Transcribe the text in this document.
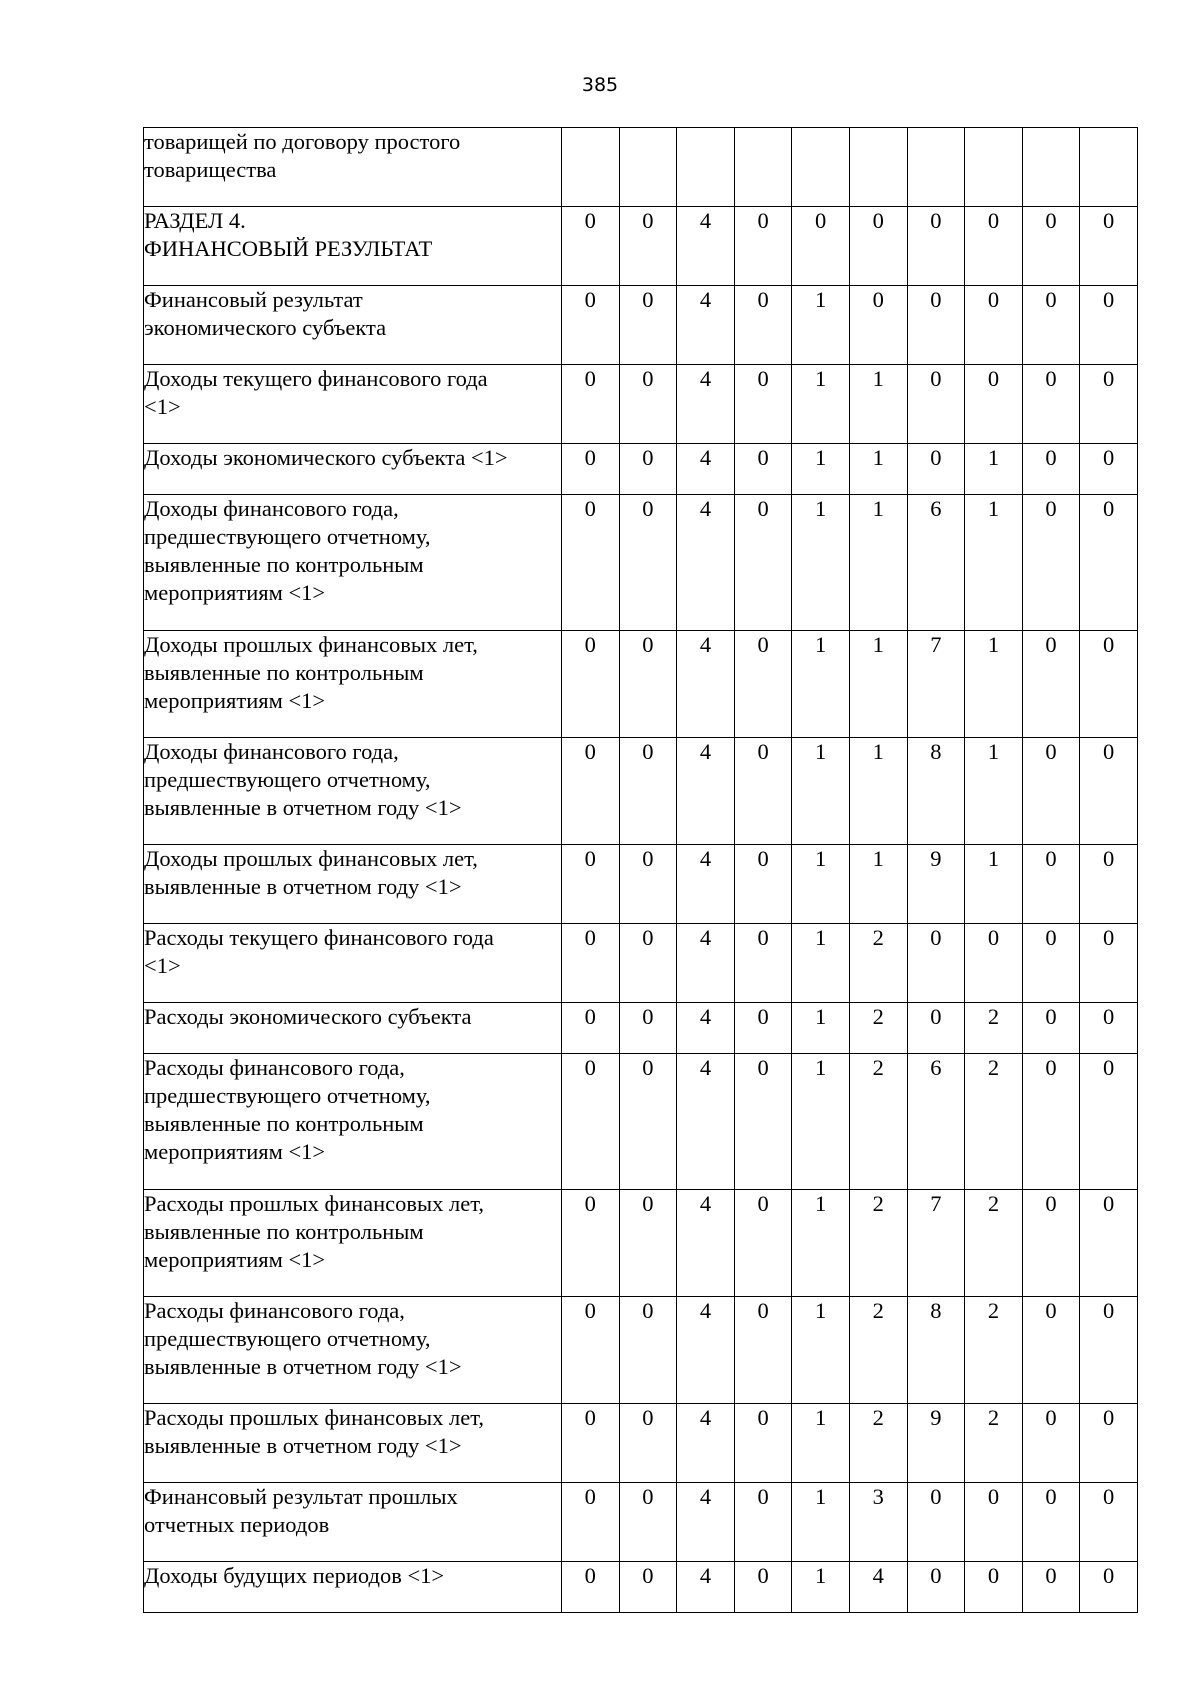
385
товарищей по договору простого
товарищества										
РАЗДЕЛ 4.
ФИНАНСОВЫЙ РЕЗУЛЬТАТ	0	0	4	0	0	0	0	0	0	0
Финансовый результат
экономического субъекта	0	0	4	0	1	0	0	0	0	0
Доходы текущего финансового года
<1>	0	0	4	0	1	1	0	0	0	0
Доходы экономического субъекта <1>	0	0	4	0	1	1	0	1	0	0
Доходы финансового года,
предшествующего отчетному,
выявленные по контрольным
мероприятиям <1>	0	0	4	0	1	1	6	1	0	0
Доходы прошлых финансовых лет,
выявленные по контрольным
мероприятиям <1>	0	0	4	0	1	1	7	1	0	0
Доходы финансового года,
предшествующего отчетному,
выявленные в отчетном году <1>	0	0	4	0	1	1	8	1	0	0
Доходы прошлых финансовых лет,
выявленные в отчетном году <1>	0	0	4	0	1	1	9	1	0	0
Расходы текущего финансового года
<1>	0	0	4	0	1	2	0	0	0	0
Расходы экономического субъекта	0	0	4	0	1	2	0	2	0	0
Расходы финансового года,
предшествующего отчетному,
выявленные по контрольным
мероприятиям <1>	0	0	4	0	1	2	6	2	0	0
Расходы прошлых финансовых лет,
выявленные по контрольным
мероприятиям <1>	0	0	4	0	1	2	7	2	0	0
Расходы финансового года,
предшествующего отчетному,
выявленные в отчетном году <1>	0	0	4	0	1	2	8	2	0	0
Расходы прошлых финансовых лет,
выявленные в отчетном году <1>	0	0	4	0	1	2	9	2	0	0
Финансовый результат прошлых
отчетных периодов	0	0	4	0	1	3	0	0	0	0
Доходы будущих периодов <1>	0	0	4	0	1	4	0	0	0	0
